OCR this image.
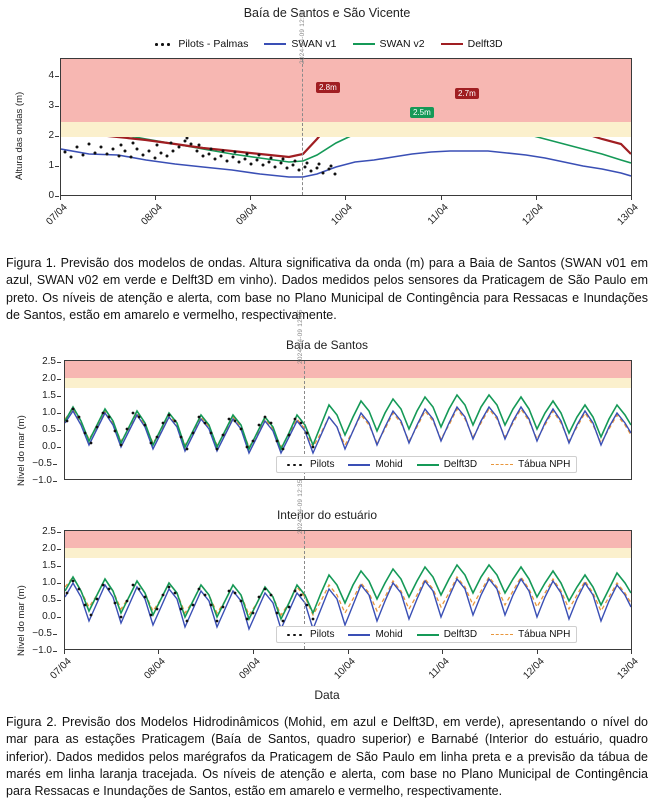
Baía de Santos e São Vicente
Pilots - Palmas	SWAN v1	SWAN v2	Delft3D
Altura das ondas (m)
4
3
2
1
0
2024-04-09 12:31
2.8m
2.5m
2.7m
07/04	08/04	09/04	10/04	11/04	12/04	13/04
Figura 1. Previsão dos modelos de ondas. Altura significativa da onda (m) para a Baia de Santos (SWAN v01 em azul, SWAN v02 em verde e Delft3D em vinho). Dados medidos pelos sensores da Praticagem de São Paulo em preto. Os níveis de atenção e alerta, com base no Plano Municipal de Contingência para Ressacas e Inundações de Santos, estão em amarelo e vermelho, respectivamente.
Baía de Santos
Nível do mar (m)
2.5
2.0
1.5
1.0
0.5
0.0
−0.5
−1.0
2024-04-09 12:35
Pilots	Mohid	Delft3D	Tábua NPH
Interior do estuário
Nível do mar (m)
2.5
2.0
1.5
1.0
0.5
0.0
−0.5
−1.0
2024-04-09 12:35
Pilots	Mohid	Delft3D	Tábua NPH
07/04	08/04	09/04	10/04	11/04	12/04	13/04
Data
Figura 2. Previsão dos Modelos Hidrodinâmicos (Mohid, em azul e Delft3D, em verde), apresentando o nível do mar para as estações Praticagem (Baía de Santos, quadro superior) e Barnabé (Interior do estuário, quadro inferior). Dados medidos pelos marégrafos da Praticagem de São Paulo em linha preta e a previsão da tábua de marés em linha laranja tracejada. Os níveis de atenção e alerta, com base no Plano Municipal de Contingência para Ressacas e Inundações de Santos, estão em amarelo e vermelho, respectivamente.
